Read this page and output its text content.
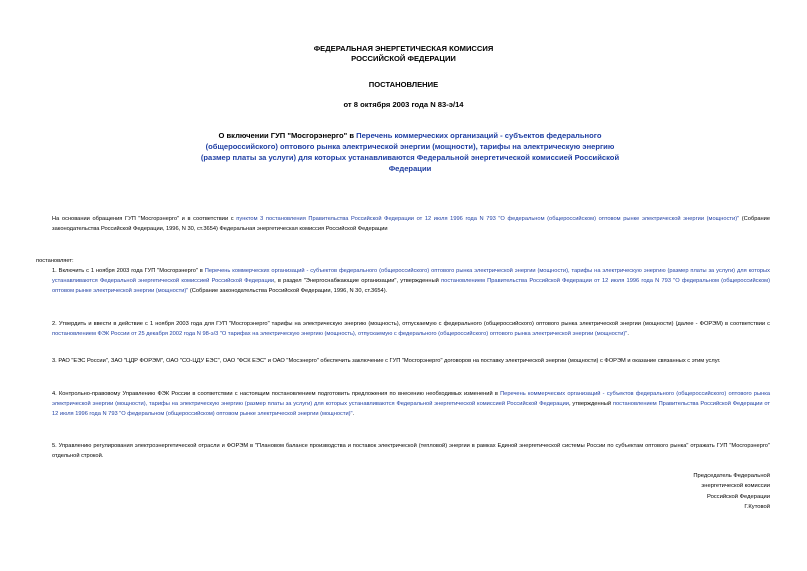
ФЕДЕРАЛЬНАЯ ЭНЕРГЕТИЧЕСКАЯ КОМИССИЯ
РОССИЙСКОЙ ФЕДЕРАЦИИ
ПОСТАНОВЛЕНИЕ
от 8 октября 2003 года N 83-э/14
О включении ГУП "Мосгорэнерго" в Перечень коммерческих организаций - субъектов федерального (общероссийского) оптового рынка электрической энергии (мощности), тарифы на электрическую энергию (размер платы за услуги) для которых устанавливаются Федеральной энергетической комиссией Российской Федерации
На основании обращения ГУП "Мосгорэнерго" и в соответствии с пунктом 3 постановления Правительства Российской Федерации от 12 июля 1996 года N 793 "О федеральном (общероссийском) оптовом рынке электрической энергии (мощности)" (Собрание законодательства Российской Федерации, 1996, N 30, ст.3654) Федеральная энергетическая комиссия Российской Федерации
постановляет:
1. Включить с 1 ноября 2003 года ГУП "Мосгорэнерго" в Перечень коммерческих организаций - субъектов федерального (общероссийского) оптового рынка электрической энергии (мощности), тарифы на электрическую энергию (размер платы за услуги) для которых устанавливаются Федеральной энергетической комиссией Российской Федерации, в раздел "Энергоснабжающие организации", утвержденный постановлением Правительства Российской Федерации от 12 июля 1996 года N 793 "О федеральном (общероссийском) оптовом рынке электрической энергии (мощности)" (Собрание законодательства Российской Федерации, 1996, N 30, ст.3654).
2. Утвердить и ввести в действие с 1 ноября 2003 года для ГУП "Мосгорэнерго" тарифы на электрическую энергию (мощность), отпускаемую с федерального (общероссийского) оптового рынка электрической энергии (мощности) (далее - ФОРЭМ) в соответствии с постановлением ФЭК России от 25 декабря 2002 года N 98-э/3 "О тарифах на электрическую энергию (мощность), отпускаемую с федерального (общероссийского) оптового рынка электрической энергии (мощности)".
3. РАО "ЕЭС России", ЗАО "ЦДР ФОРЭМ", ОАО "СО-ЦДУ ЕЭС", ОАО "ФСК ЕЭС" и ОАО "Мосэнерго" обеспечить заключение с ГУП "Мосгорэнерго" договоров на поставку электрической энергии (мощности) с ФОРЭМ и оказание связанных с этим услуг.
4. Контрольно-правовому Управлению ФЭК России в соответствии с настоящим постановлением подготовить предложения по внесению необходимых изменений в Перечень коммерческих организаций - субъектов федерального (общероссийского) оптового рынка электрической энергии (мощности), тарифы на электрическую энергию (размер платы за услуги) для которых устанавливаются Федеральной энергетической комиссией Российской Федерации, утвержденный постановлением Правительства Российской Федерации от 12 июля 1996 года N 793 "О федеральном (общероссийском) оптовом рынке электрической энергии (мощности)".
5. Управлению регулирования электроэнергетической отрасли и ФОРЭМ в "Плановом балансе производства и поставок электрической (тепловой) энергии в рамках Единой энергетической системы России по субъектам оптового рынка" отражать ГУП "Мосгорэнерго" отдельной строкой.
Председатель Федеральной
энергетической комиссии
Российской Федерации
Г.Кутовой
